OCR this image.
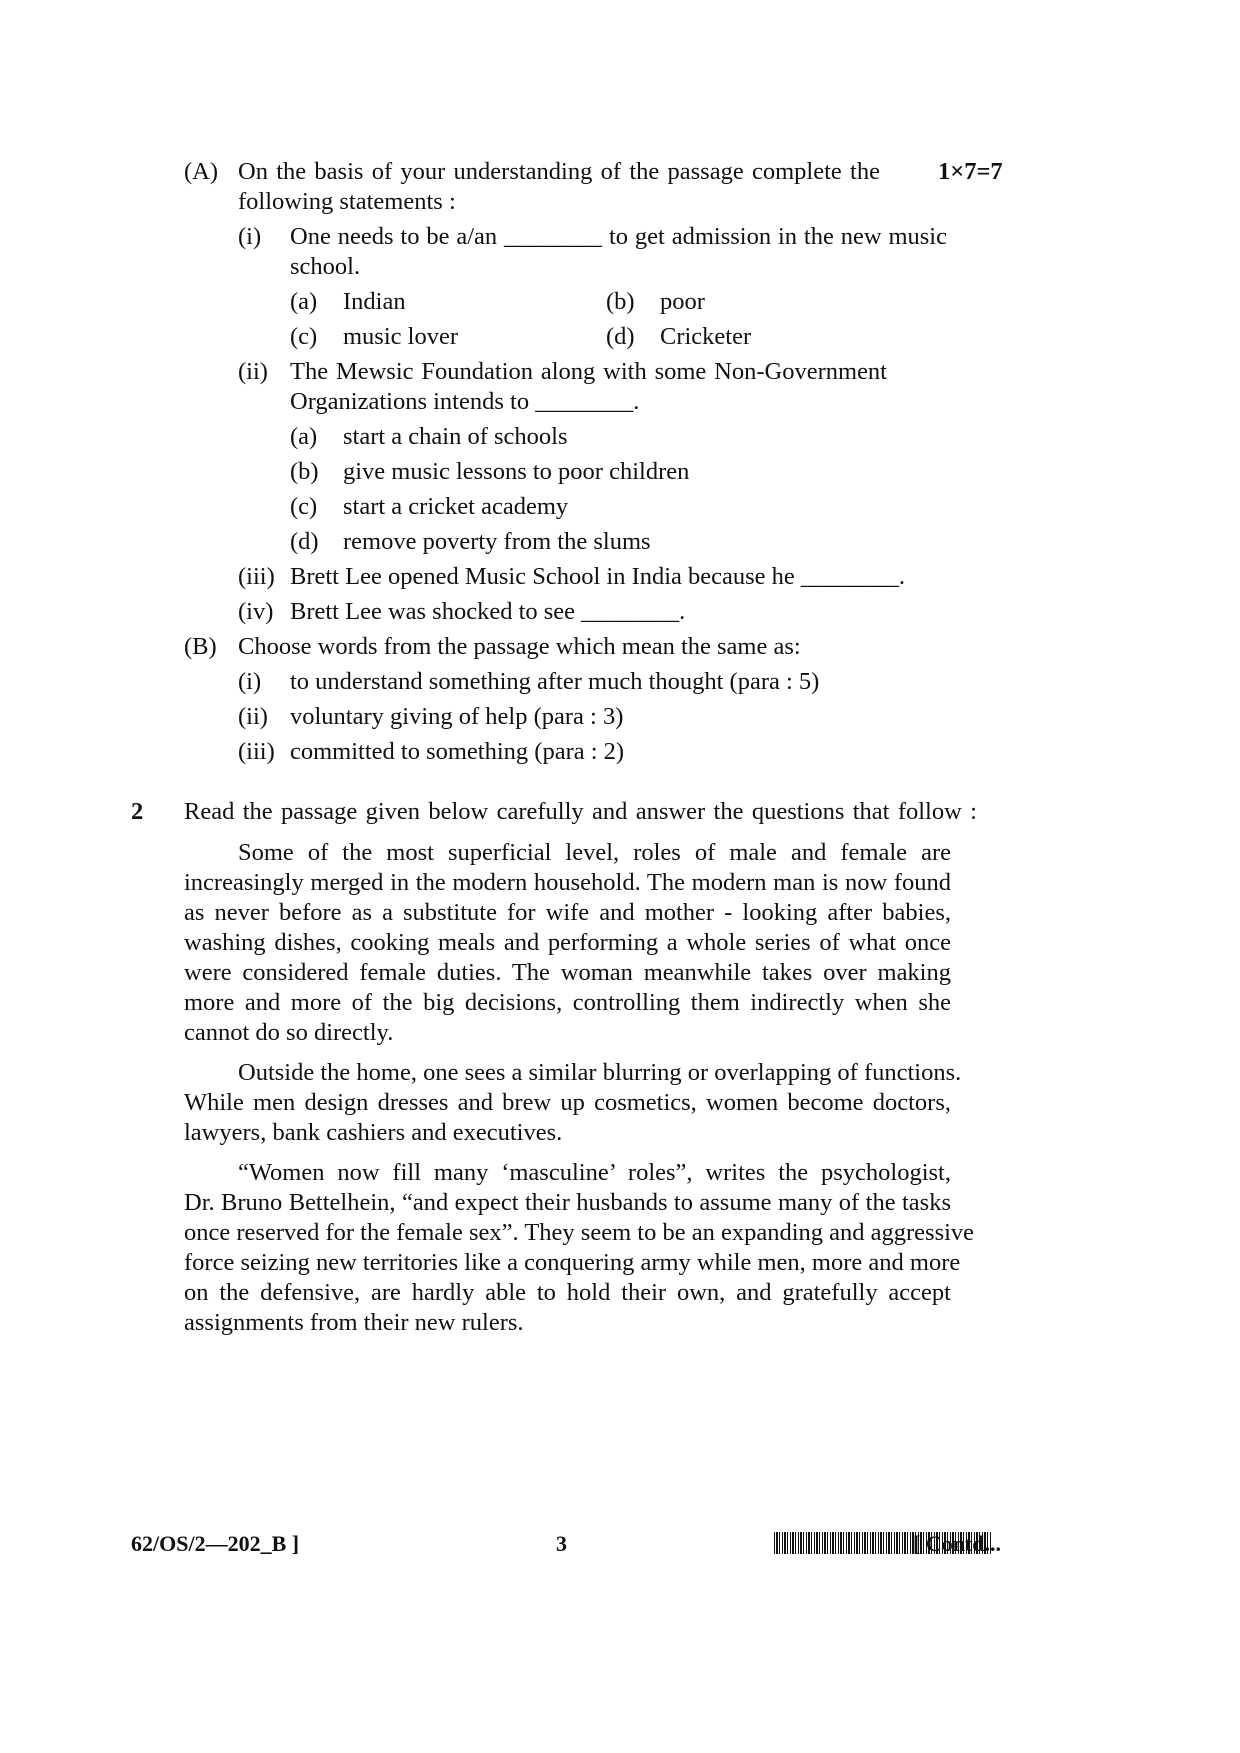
(A) On the basis of your understanding of the passage complete the 1×7=7
following statements :
(i) One needs to be a/an ________ to get admission in the new music
school.
(a) Indian	(b) poor
(c) music lover	(d) Cricketer
(ii) The Mewsic Foundation along with some Non-Government
Organizations intends to ________.
(a) start a chain of schools
(b) give music lessons to poor children
(c) start a cricket academy
(d) remove poverty from the slums
(iii) Brett Lee opened Music School in India because he ________.
(iv) Brett Lee was shocked to see ________.
(B) Choose words from the passage which mean the same as:
(i) to understand something after much thought (para : 5)
(ii) voluntary giving of help (para : 3)
(iii) committed to something (para : 2)
2 Read the passage given below carefully and answer the questions that follow :
Some of the most superficial level, roles of male and female are
increasingly merged in the modern household. The modern man is now found
as never before as a substitute for wife and mother - looking after babies,
washing dishes, cooking meals and performing a whole series of what once
were considered female duties. The woman meanwhile takes over making
more and more of the big decisions, controlling them indirectly when she
cannot do so directly.
Outside the home, one sees a similar blurring or overlapping of functions.
While men design dresses and brew up cosmetics, women become doctors,
lawyers, bank cashiers and executives.
“Women now fill many ‘masculine’ roles”, writes the psychologist,
Dr. Bruno Bettelhein, “and expect their husbands to assume many of the tasks
once reserved for the female sex”. They seem to be an expanding and aggressive
force seizing new territories like a conquering army while men, more and more
on the defensive, are hardly able to hold their own, and gratefully accept
assignments from their new rulers.
62/OS/2—202_B ]	3	[ Contd...
